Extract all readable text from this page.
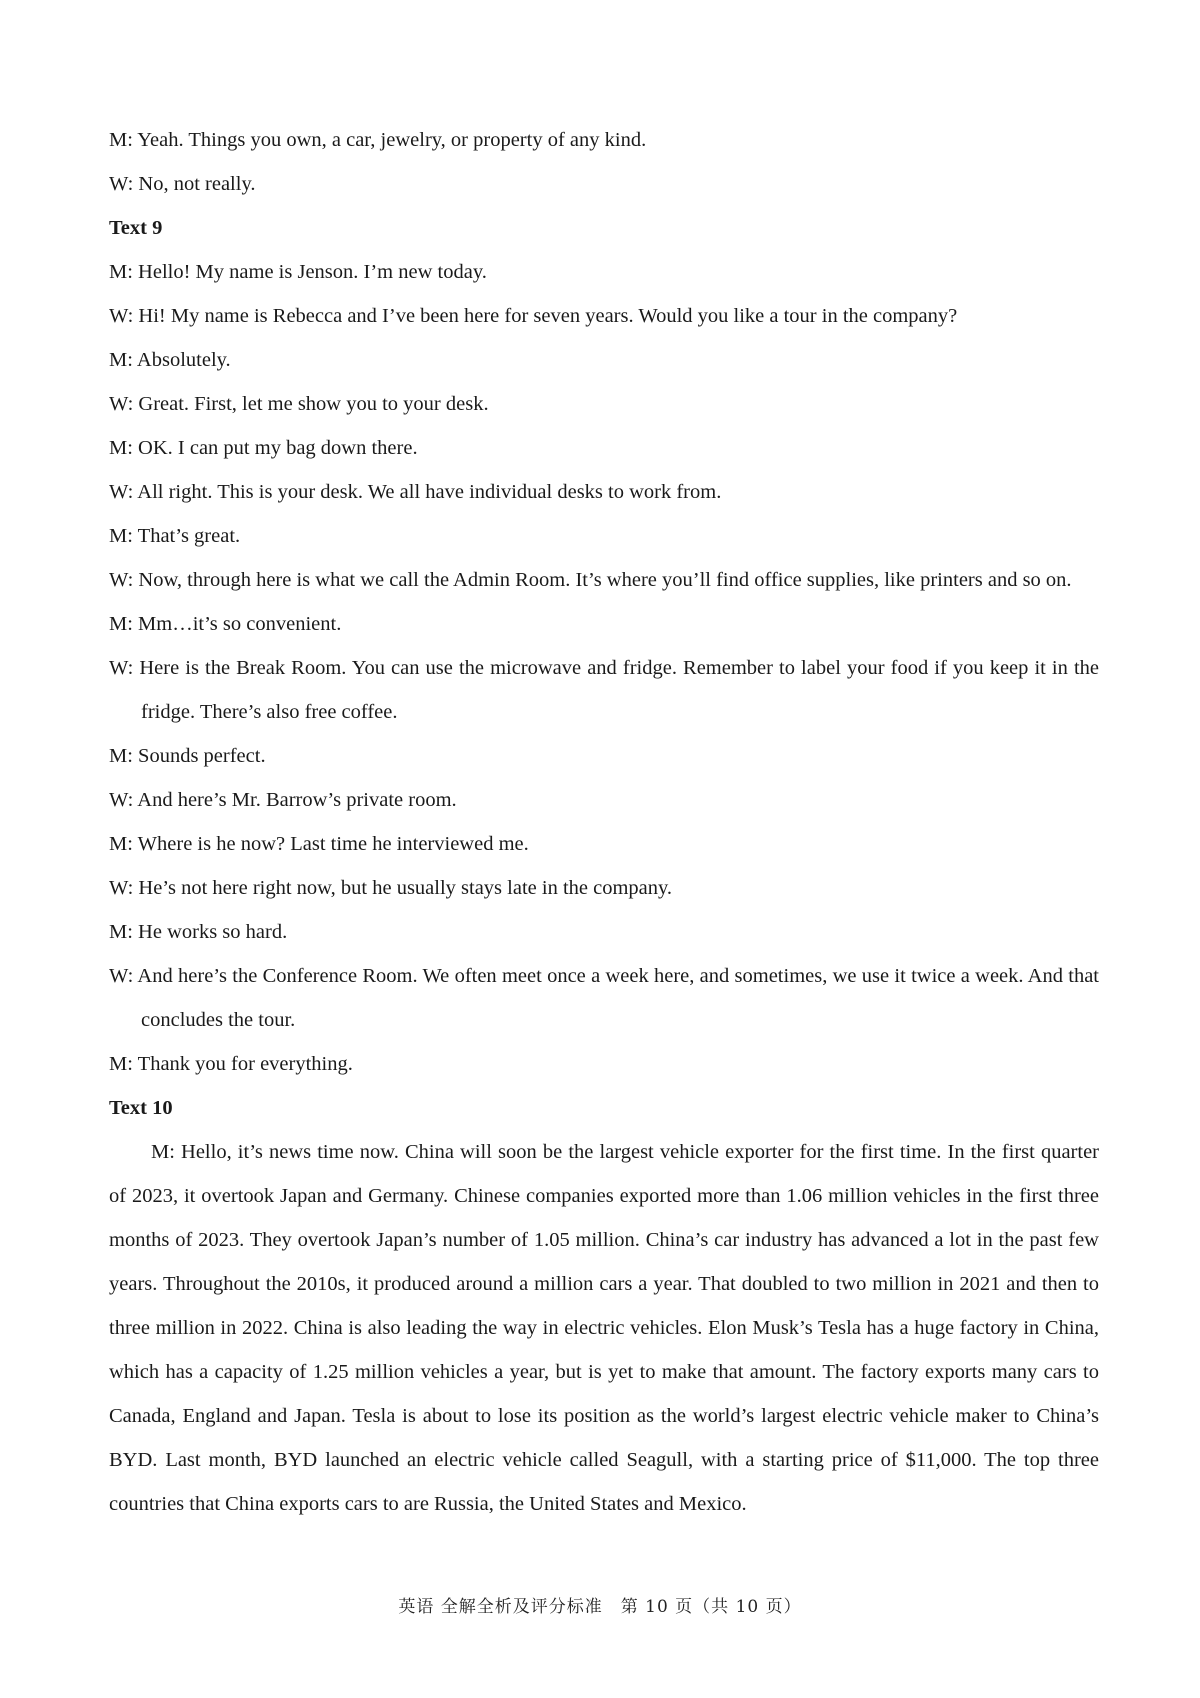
M: Yeah. Things you own, a car, jewelry, or property of any kind.
W: No, not really.
Text 9
M: Hello! My name is Jenson. I’m new today.
W: Hi! My name is Rebecca and I’ve been here for seven years. Would you like a tour in the company?
M: Absolutely.
W: Great. First, let me show you to your desk.
M: OK. I can put my bag down there.
W: All right. This is your desk. We all have individual desks to work from.
M: That’s great.
W: Now, through here is what we call the Admin Room. It’s where you’ll find office supplies, like printers and so on.
M: Mm…it’s so convenient.
W: Here is the Break Room. You can use the microwave and fridge. Remember to label your food if you keep it in the fridge. There’s also free coffee.
M: Sounds perfect.
W: And here’s Mr. Barrow’s private room.
M: Where is he now? Last time he interviewed me.
W: He’s not here right now, but he usually stays late in the company.
M: He works so hard.
W: And here’s the Conference Room. We often meet once a week here, and sometimes, we use it twice a week. And that concludes the tour.
M: Thank you for everything.
Text 10
M: Hello, it’s news time now. China will soon be the largest vehicle exporter for the first time. In the first quarter of 2023, it overtook Japan and Germany. Chinese companies exported more than 1.06 million vehicles in the first three months of 2023. They overtook Japan’s number of 1.05 million. China’s car industry has advanced a lot in the past few years. Throughout the 2010s, it produced around a million cars a year. That doubled to two million in 2021 and then to three million in 2022. China is also leading the way in electric vehicles. Elon Musk’s Tesla has a huge factory in China, which has a capacity of 1.25 million vehicles a year, but is yet to make that amount. The factory exports many cars to Canada, England and Japan. Tesla is about to lose its position as the world’s largest electric vehicle maker to China’s BYD. Last month, BYD launched an electric vehicle called Seagull, with a starting price of $11,000. The top three countries that China exports cars to are Russia, the United States and Mexico.
英语 全解全析及评分标准　第 10 页（共 10 页）
